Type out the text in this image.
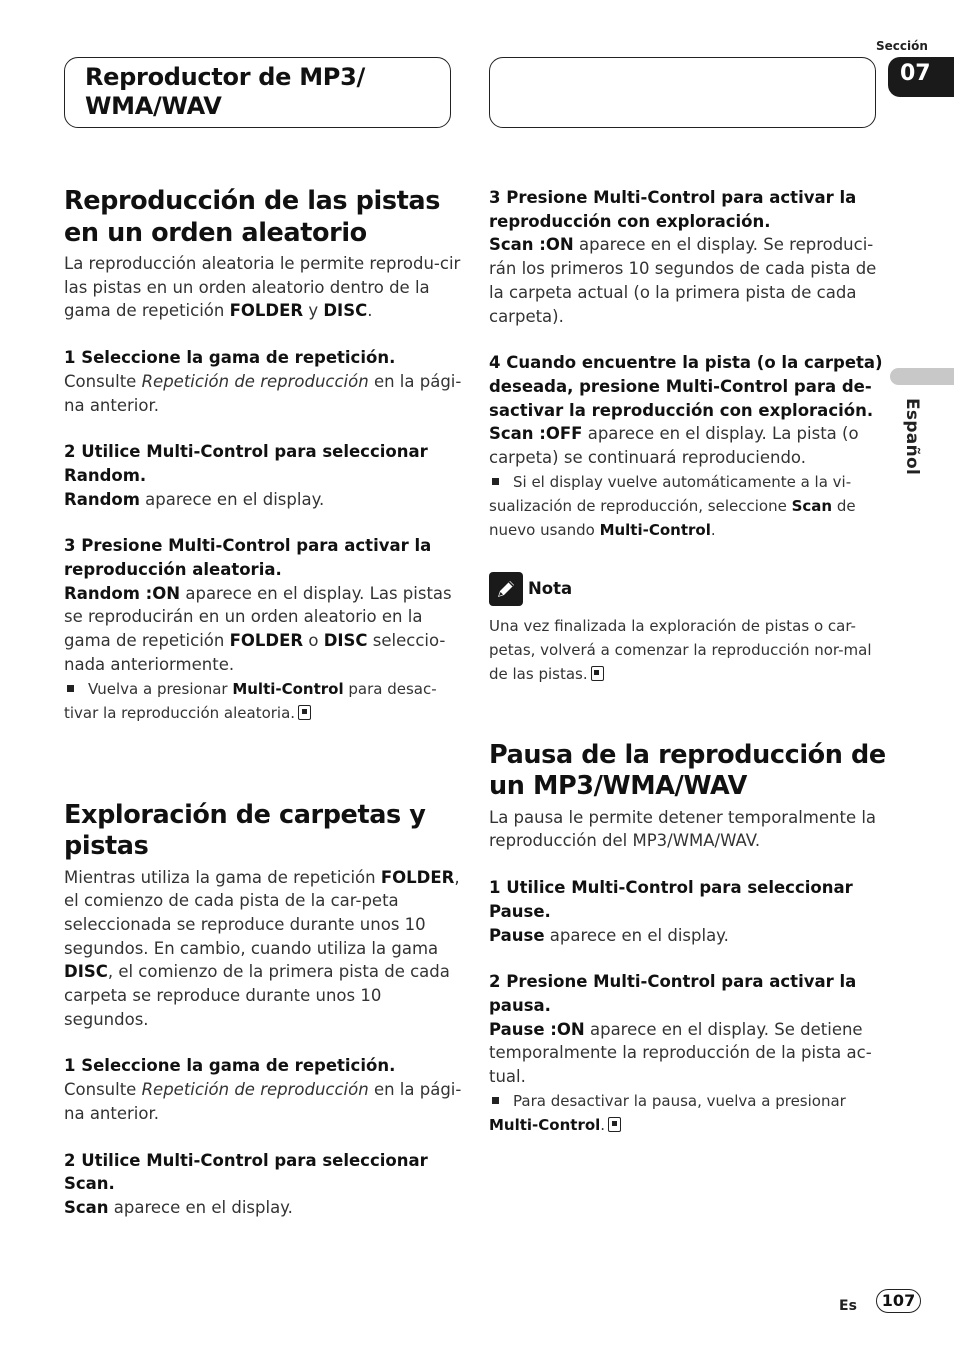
Reproductor de MP3/
WMA/WAV
Sección
07
Español
Reproducción de las pistas en un orden aleatorio

La reproducción aleatoria le permite reprodu-cir las pistas en un orden aleatorio dentro de la gama de repetición FOLDER y DISC.

1 Seleccione la gama de repetición.

Consulte Repetición de reproducción en la pági-na anterior.

2 Utilice Multi-Control para seleccionar Random.

Random aparece en el display.

3 Presione Multi-Control para activar la reproducción aleatoria.

Random :ON aparece en el display. Las pistas se reproducirán en un orden aleatorio en la gama de repetición FOLDER o DISC seleccio-nada anteriormente.

Vuelva a presionar Multi-Control para desac-tivar la reproducción aleatoria.

Exploración de carpetas y pistas

Mientras utiliza la gama de repetición FOLDER, el comienzo de cada pista de la car-peta seleccionada se reproduce durante unos 10 segundos. En cambio, cuando utiliza la gama DISC, el comienzo de la primera pista de cada carpeta se reproduce durante unos 10 segundos.

1 Seleccione la gama de repetición.

Consulte Repetición de reproducción en la pági-na anterior.

2 Utilice Multi-Control para seleccionar Scan.

Scan aparece en el display.

3 Presione Multi-Control para activar la reproducción con exploración.

Scan :ON aparece en el display. Se reproduci-rán los primeros 10 segundos de cada pista de la carpeta actual (o la primera pista de cada carpeta).

4 Cuando encuentre la pista (o la carpeta) deseada, presione Multi-Control para de-sactivar la reproducción con exploración.

Scan :OFF aparece en el display. La pista (o carpeta) se continuará reproduciendo.

Si el display vuelve automáticamente a la vi-sualización de reproducción, seleccione Scan de nuevo usando Multi-Control.

Nota

Una vez finalizada la exploración de pistas o car-petas, volverá a comenzar la reproducción nor-mal de las pistas.

Pausa de la reproducción de un MP3/WMA/WAV

La pausa le permite detener temporalmente la reproducción del MP3/WMA/WAV.

1 Utilice Multi-Control para seleccionar Pause.

Pause aparece en el display.

2 Presione Multi-Control para activar la pausa.

Pause :ON aparece en el display. Se detiene temporalmente la reproducción de la pista ac-tual.

Para desactivar la pausa, vuelva a presionar Multi-Control.

Es	107
